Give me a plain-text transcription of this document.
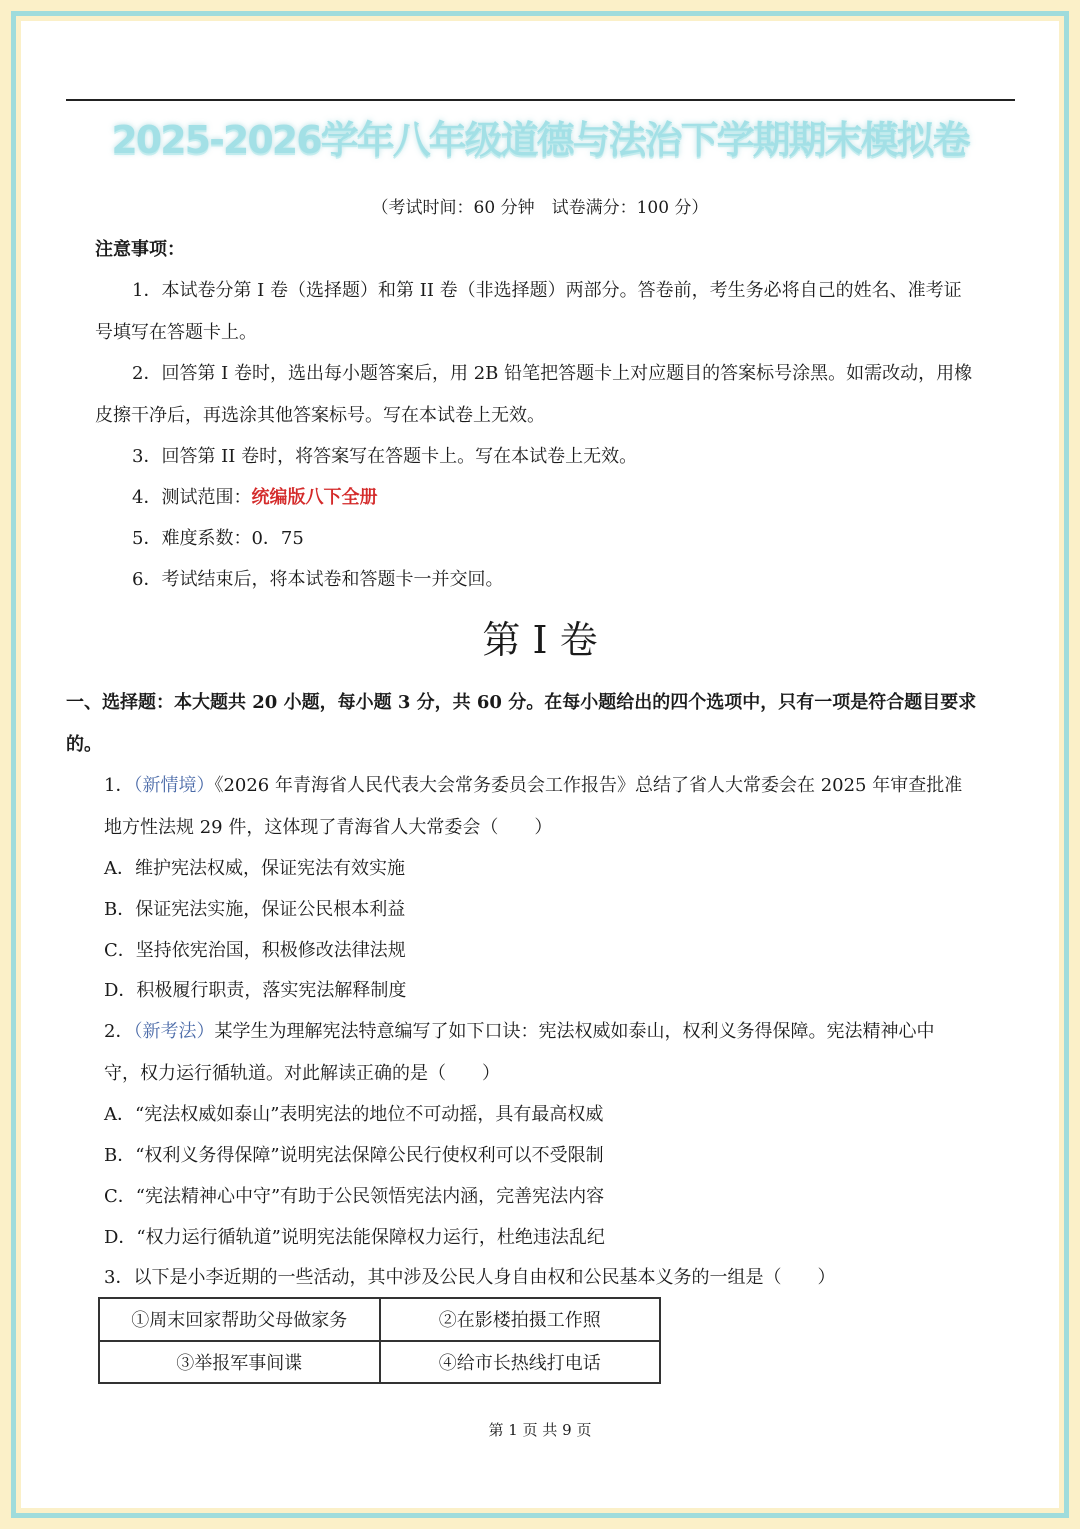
2025-2026学年八年级道德与法治下学期期末模拟卷
（考试时间：60 分钟　试卷满分：100 分）
注意事项：
1．本试卷分第 I 卷（选择题）和第 II 卷（非选择题）两部分。答卷前，考生务必将自己的姓名、准考证
号填写在答题卡上。
2．回答第 I 卷时，选出每小题答案后，用 2B 铅笔把答题卡上对应题目的答案标号涂黑。如需改动，用橡
皮擦干净后，再选涂其他答案标号。写在本试卷上无效。
3．回答第 II 卷时，将答案写在答题卡上。写在本试卷上无效。
4．测试范围：统编版八下全册
5．难度系数：0．75
6．考试结束后，将本试卷和答题卡一并交回。
第 I 卷
一、选择题：本大题共 20 小题，每小题 3 分，共 60 分。在每小题给出的四个选项中，只有一项是符合题目要求
的。
1．（新情境）《2026 年青海省人民代表大会常务委员会工作报告》总结了省人大常委会在 2025 年审查批准
地方性法规 29 件，这体现了青海省人大常委会（　　）
A．维护宪法权威，保证宪法有效实施
B．保证宪法实施，保证公民根本利益
C．坚持依宪治国，积极修改法律法规
D．积极履行职责，落实宪法解释制度
2．（新考法）某学生为理解宪法特意编写了如下口诀：宪法权威如泰山，权利义务得保障。宪法精神心中
守，权力运行循轨道。对此解读正确的是（　　）
A．“宪法权威如泰山”表明宪法的地位不可动摇，具有最高权威
B．“权利义务得保障”说明宪法保障公民行使权利可以不受限制
C．“宪法精神心中守”有助于公民领悟宪法内涵，完善宪法内容
D．“权力运行循轨道”说明宪法能保障权力运行，杜绝违法乱纪
3．以下是小李近期的一些活动，其中涉及公民人身自由权和公民基本义务的一组是（　　）
①周末回家帮助父母做家务	②在影楼拍摄工作照
③举报军事间谍	④给市长热线打电话
第 1 页 共 9 页
